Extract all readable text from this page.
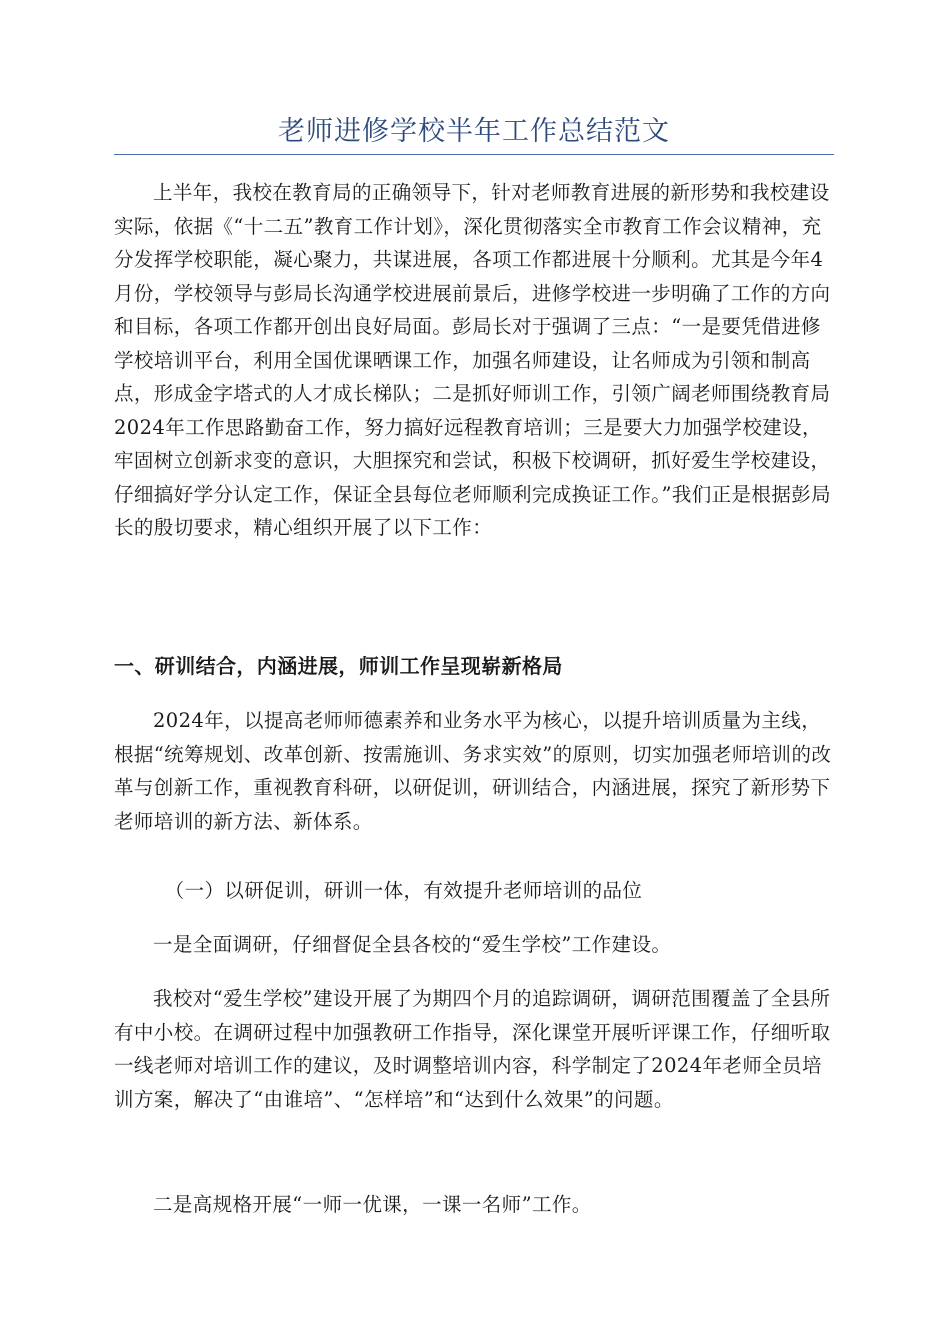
老师进修学校半年工作总结范文

上半年，我校在教育局的正确领导下，针对老师教育进展的新形势和我校建设实际，依据《“十二五”教育工作计划》，深化贯彻落实全市教育工作会议精神，充分发挥学校职能，凝心聚力，共谋进展，各项工作都进展十分顺利。尤其是今年4月份，学校领导与彭局长沟通学校进展前景后，进修学校进一步明确了工作的方向和目标，各项工作都开创出良好局面。彭局长对于强调了三点：“一是要凭借进修学校培训平台，利用全国优课晒课工作，加强名师建设，让名师成为引领和制高点，形成金字塔式的人才成长梯队；二是抓好师训工作，引领广阔老师围绕教育局2024年工作思路勤奋工作，努力搞好远程教育培训；三是要大力加强学校建设，牢固树立创新求变的意识，大胆探究和尝试，积极下校调研，抓好爱生学校建设，仔细搞好学分认定工作，保证全县每位老师顺利完成换证工作。”我们正是根据彭局长的殷切要求，精心组织开展了以下工作：

一、研训结合，内涵进展，师训工作呈现崭新格局

2024年，以提高老师师德素养和业务水平为核心，以提升培训质量为主线，根据“统筹规划、改革创新、按需施训、务求实效”的原则，切实加强老师培训的改革与创新工作，重视教育科研，以研促训，研训结合，内涵进展，探究了新形势下老师培训的新方法、新体系。

（一）以研促训，研训一体，有效提升老师培训的品位

一是全面调研，仔细督促全县各校的“爱生学校”工作建设。

我校对“爱生学校”建设开展了为期四个月的追踪调研，调研范围覆盖了全县所有中小校。在调研过程中加强教研工作指导，深化课堂开展听评课工作，仔细听取一线老师对培训工作的建议，及时调整培训内容，科学制定了2024年老师全员培训方案，解决了“由谁培”、“怎样培”和“达到什么效果”的问题。

二是高规格开展“一师一优课，一课一名师”工作。
